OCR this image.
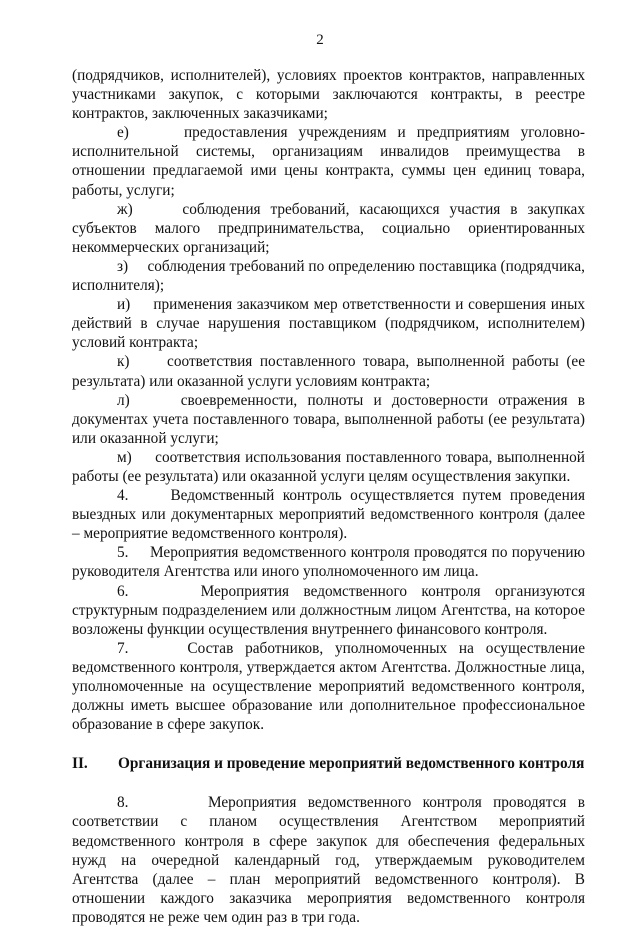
2

(подрядчиков, исполнителей), условиях проектов контрактов, направленных участниками закупок, с которыми заключаются контракты, в реестре контрактов, заключенных заказчиками;

е)     предоставления учреждениям и предприятиям уголовно-исполнительной системы, организациям инвалидов преимущества в отношении предлагаемой ими цены контракта, суммы цен единиц товара, работы, услуги;

ж)     соблюдения требований, касающихся участия в закупках субъектов малого предпринимательства, социально ориентированных некоммерческих организаций;

з)     соблюдения требований по определению поставщика (подрядчика, исполнителя);

и)     применения заказчиком мер ответственности и совершения иных действий в случае нарушения поставщиком (подрядчиком, исполнителем) условий контракта;

к)     соответствия поставленного товара, выполненной работы (ее результата) или оказанной услуги условиям контракта;

л)     своевременности, полноты и достоверности отражения в документах учета поставленного товара, выполненной работы (ее результата) или оказанной услуги;

м)     соответствия использования поставленного товара, выполненной работы (ее результата) или оказанной услуги целям осуществления закупки.

4.     Ведомственный контроль осуществляется путем проведения выездных или документарных мероприятий ведомственного контроля (далее – мероприятие ведомственного контроля).

5.     Мероприятия ведомственного контроля проводятся по поручению руководителя Агентства или иного уполномоченного им лица.

6.     Мероприятия ведомственного контроля организуются структурным подразделением или должностным лицом Агентства, на которое возложены функции осуществления внутреннего финансового контроля.

7.     Состав работников, уполномоченных на осуществление ведомственного контроля, утверждается актом Агентства. Должностные лица, уполномоченные на осуществление мероприятий ведомственного контроля, должны иметь высшее образование или дополнительное профессиональное образование в сфере закупок.

II. Организация и проведение мероприятий ведомственного контроля

8.       Мероприятия ведомственного контроля проводятся в соответствии с планом осуществления Агентством мероприятий ведомственного контроля в сфере закупок для обеспечения федеральных нужд на очередной календарный год, утверждаемым руководителем Агентства (далее – план мероприятий ведомственного контроля). В отношении каждого заказчика мероприятия ведомственного контроля проводятся не реже чем один раз в три года.
